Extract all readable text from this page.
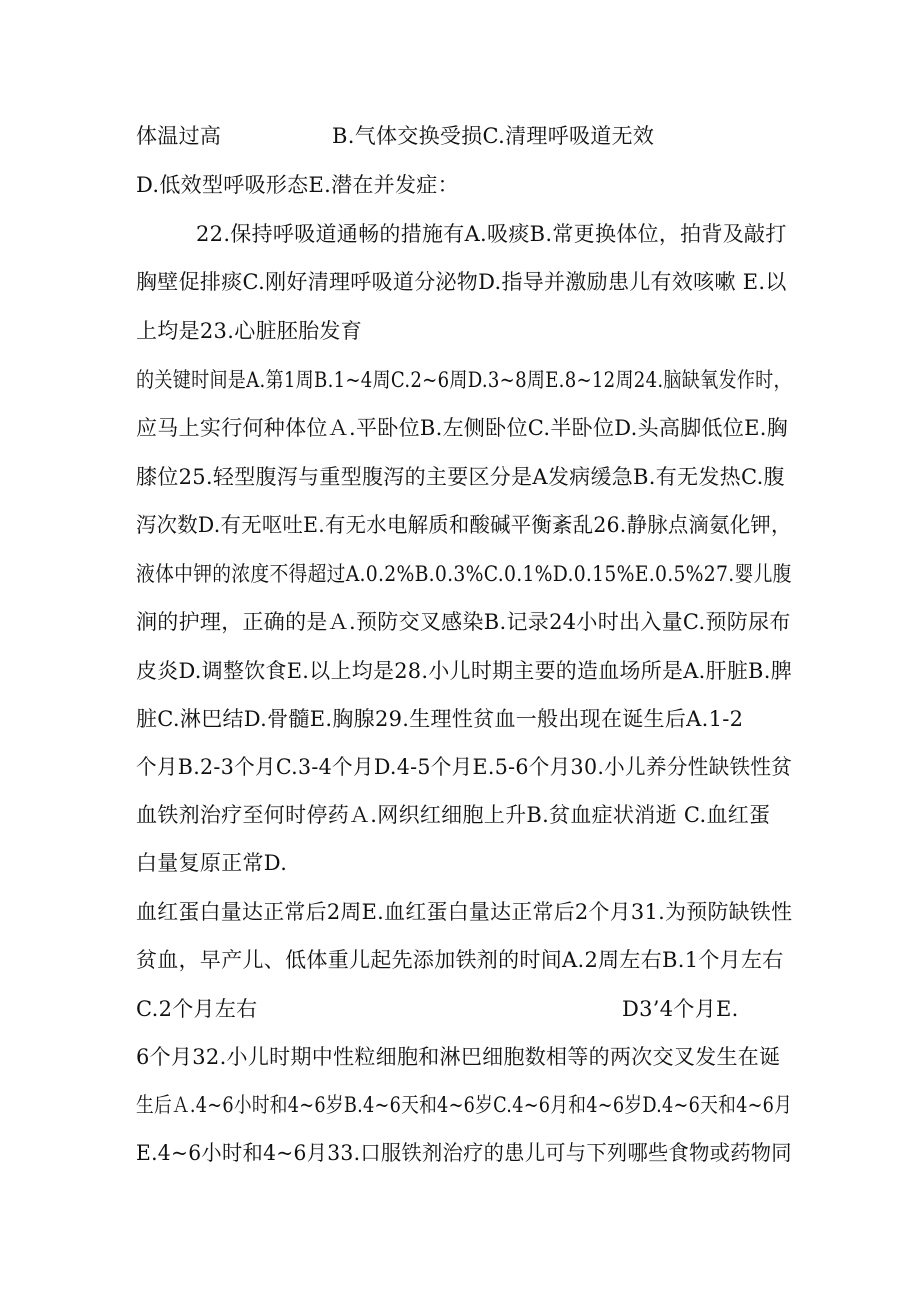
体温过高	B.气体交换受损C.清理呼吸道无效
D.低效型呼吸形态E.潜在并发症：
22.保持呼吸道通畅的措施有A.吸痰B.常更换体位，拍背及敲打
胸壁促排痰C.刚好清理呼吸道分泌物D.指导并激励患儿有效咳嗽 E.以
上均是23.心脏胚胎发育
的关键时间是A.第1周B.1~4周C.2~6周D.3~8周E.8~12周24.脑缺氧发作时，
应马上实行何种体位Ａ.平卧位B.左侧卧位C.半卧位D.头高脚低位E.胸
膝位25.轻型腹泻与重型腹泻的主要区分是A发病缓急B.有无发热C.腹
泻次数D.有无呕吐E.有无水电解质和酸碱平衡紊乱26.静脉点滴氨化钾，
液体中钾的浓度不得超过A.0.2%B.0.3%C.0.1%D.0.15%E.0.5%27.婴儿腹
涧的护理，正确的是Ａ.预防交叉感染B.记录24小时出入量C.预防尿布
皮炎D.调整饮食E.以上均是28.小儿时期主要的造血场所是A.肝脏B.脾
脏C.淋巴结D.骨髓E.胸腺29.生理性贫血一般出现在诞生后A.1-2
个月B.2-3个月C.3-4个月D.4-5个月E.5-6个月30.小儿养分性缺铁性贫
血铁剂治疗至何时停药Ａ.网织红细胞上升B.贫血症状消逝 C.血红蛋
白量复原正常D.
血红蛋白量达正常后2周E.血红蛋白量达正常后2个月31.为预防缺铁性
贫血，早产儿、低体重儿起先添加铁剂的时间A.2周左右B.1个月左右
C.2个月左右	D3’4个月E.
6个月32.小儿时期中性粒细胞和淋巴细胞数相等的两次交叉发生在诞
生后Ａ.4~6小时和4~6岁B.4~6天和4~6岁C.4~6月和4~6岁D.4~6天和4~6月
E.4~6小时和4~6月33.口服铁剂治疗的患儿可与下列哪些食物或药物同
